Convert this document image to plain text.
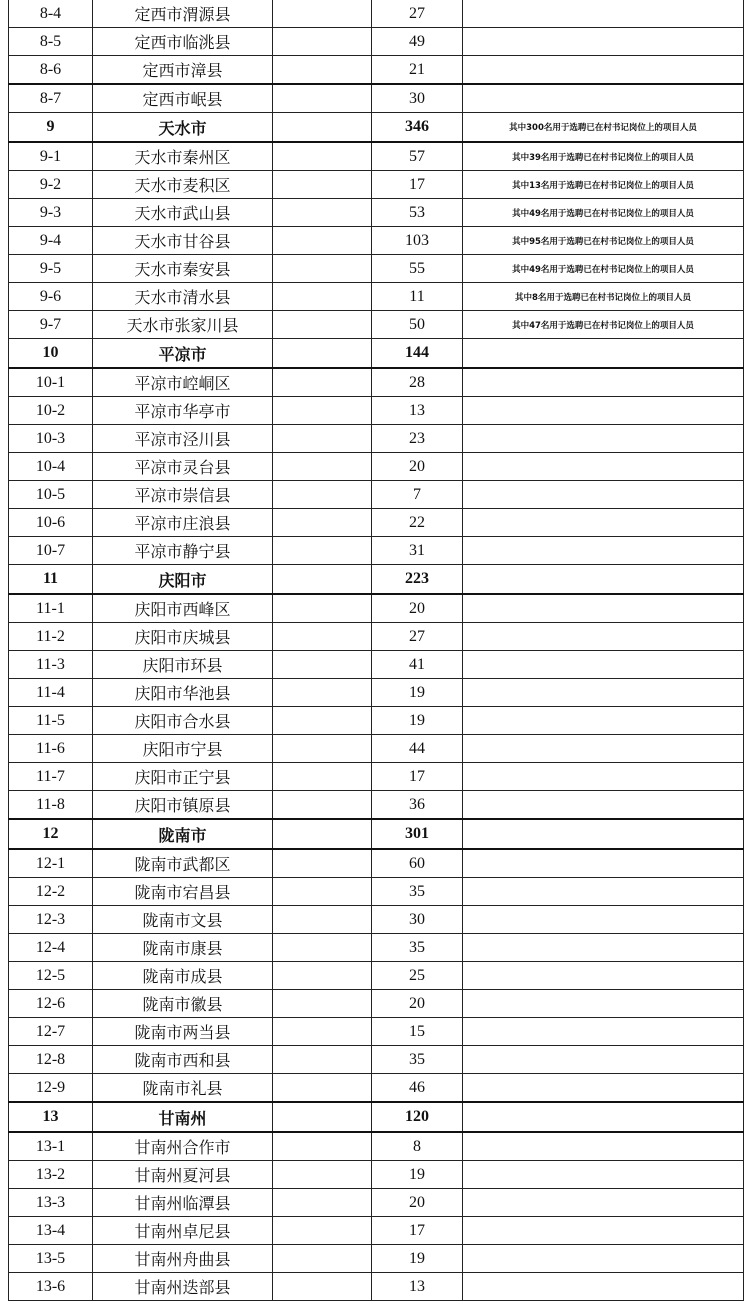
8-4	定西市渭源县		27	
8-5	定西市临洮县		49	
8-6	定西市漳县		21	
8-7	定西市岷县		30	
9	天水市		346	其中300名用于选聘已在村书记岗位上的项目人员
9-1	天水市秦州区		57	其中39名用于选聘已在村书记岗位上的项目人员
9-2	天水市麦积区		17	其中13名用于选聘已在村书记岗位上的项目人员
9-3	天水市武山县		53	其中49名用于选聘已在村书记岗位上的项目人员
9-4	天水市甘谷县		103	其中95名用于选聘已在村书记岗位上的项目人员
9-5	天水市秦安县		55	其中49名用于选聘已在村书记岗位上的项目人员
9-6	天水市清水县		11	其中8名用于选聘已在村书记岗位上的项目人员
9-7	天水市张家川县		50	其中47名用于选聘已在村书记岗位上的项目人员
10	平凉市		144	
10-1	平凉市崆峒区		28	
10-2	平凉市华亭市		13	
10-3	平凉市泾川县		23	
10-4	平凉市灵台县		20	
10-5	平凉市崇信县		7	
10-6	平凉市庄浪县		22	
10-7	平凉市静宁县		31	
11	庆阳市		223	
11-1	庆阳市西峰区		20	
11-2	庆阳市庆城县		27	
11-3	庆阳市环县		41	
11-4	庆阳市华池县		19	
11-5	庆阳市合水县		19	
11-6	庆阳市宁县		44	
11-7	庆阳市正宁县		17	
11-8	庆阳市镇原县		36	
12	陇南市		301	
12-1	陇南市武都区		60	
12-2	陇南市宕昌县		35	
12-3	陇南市文县		30	
12-4	陇南市康县		35	
12-5	陇南市成县		25	
12-6	陇南市徽县		20	
12-7	陇南市两当县		15	
12-8	陇南市西和县		35	
12-9	陇南市礼县		46	
13	甘南州		120	
13-1	甘南州合作市		8	
13-2	甘南州夏河县		19	
13-3	甘南州临潭县		20	
13-4	甘南州卓尼县		17	
13-5	甘南州舟曲县		19	
13-6	甘南州迭部县		13	
